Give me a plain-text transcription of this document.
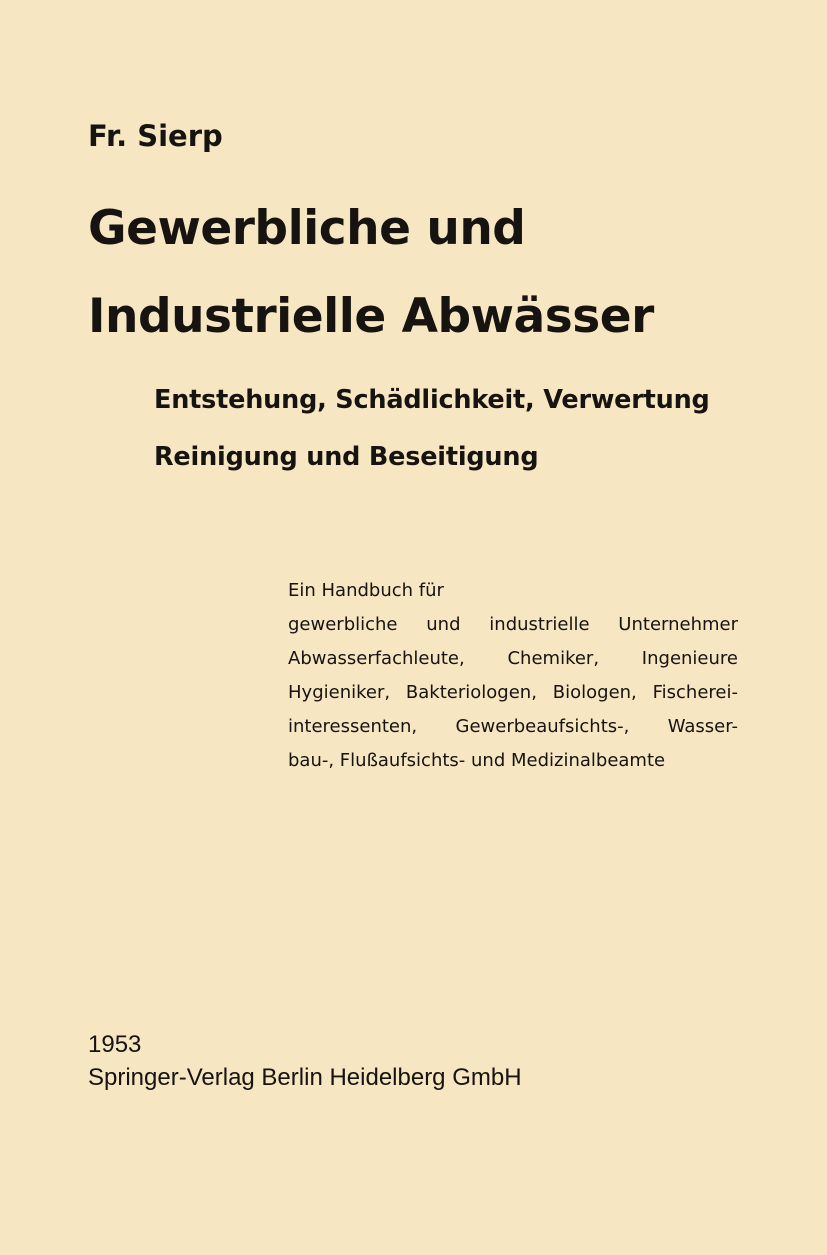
Fr. Sierp
Gewerbliche und
Industrielle Abwässer
Entstehung, Schädlichkeit, Verwertung
Reinigung und Beseitigung
Ein Handbuch für
gewerbliche und industrielle Unternehmer
Abwasserfachleute, Chemiker, Ingenieure
Hygieniker, Bakteriologen, Biologen, Fischerei-
interessenten, Gewerbeaufsichts-, Wasser-
bau-, Flußaufsichts- und Medizinalbeamte
1953
Springer-Verlag Berlin Heidelberg GmbH
